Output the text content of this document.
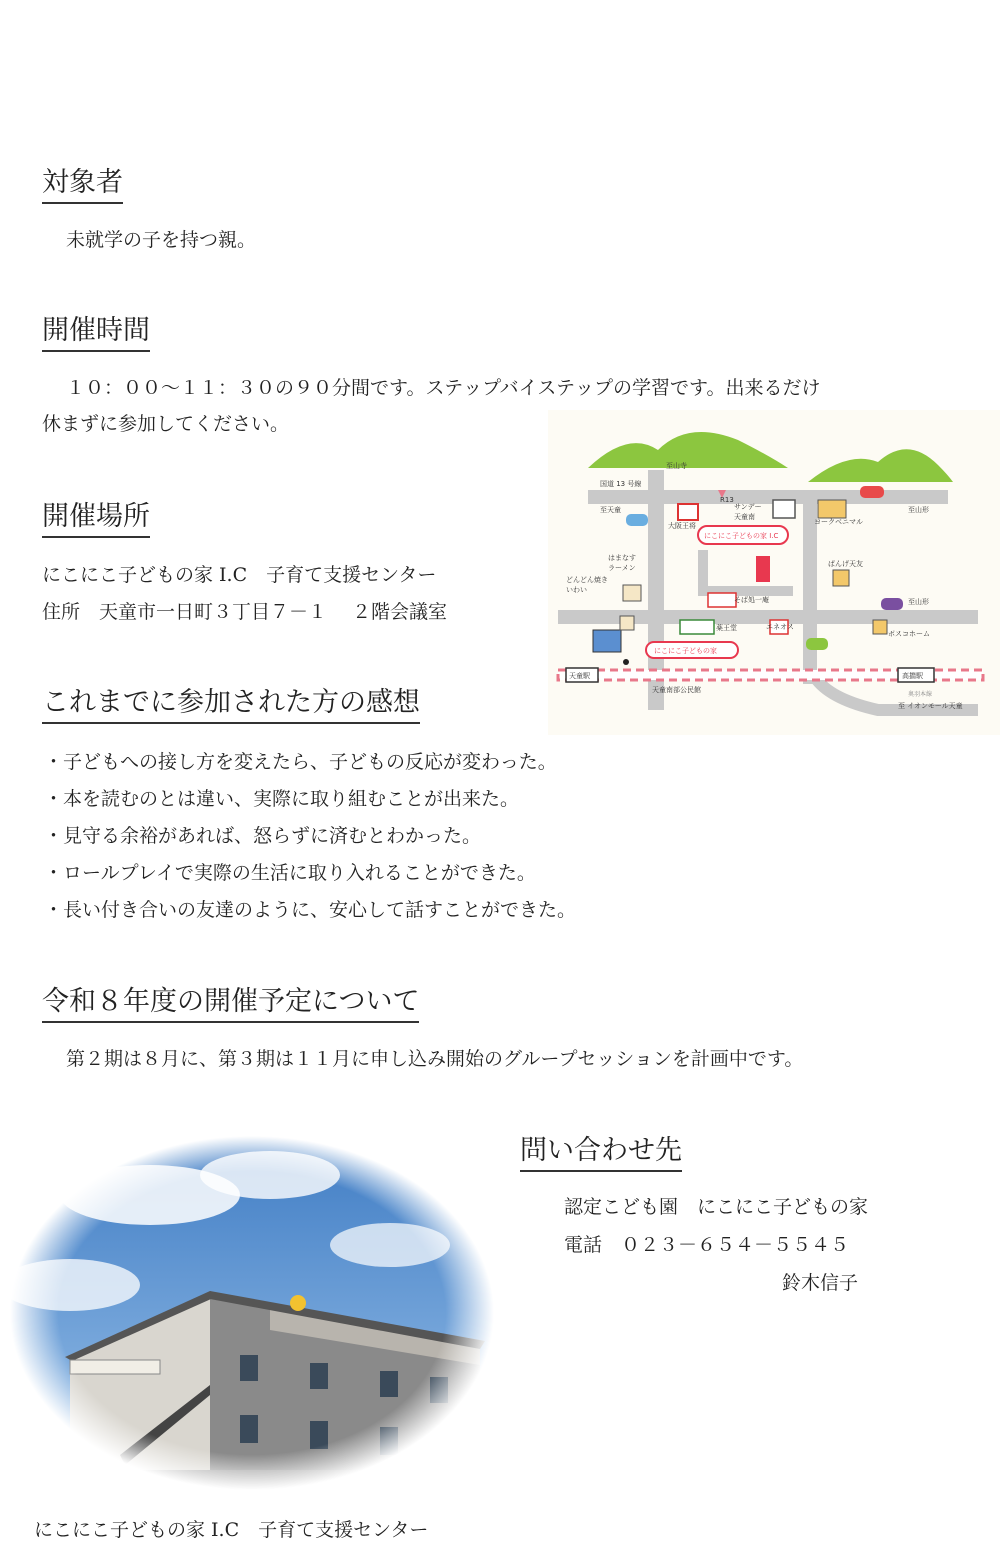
対象者
未就学の子を持つ親。
開催時間
１０：００～１１：３０の９０分間です。ステップバイステップの学習です。出来るだけ
休まずに参加してください。
開催場所
にこにこ子どもの家 I.C　子育て支援センター
住所　天童市一日町３丁目７－１　 ２階会議室
至山寺
国道 13 号線
至天童
R13
大阪王将
サンデー
天童南
ヨークベニマル
至山形
にこにこ子どもの家 I.C
はまなす
ラーメン
どんどん焼き
いわい
ぱんげ天友
そば処一庵	至山形
薬王堂	エネオス
ボスコホーム
にこにこ子どもの家
天童駅	高擶駅
天童南部公民館
奥羽本線
至 イオンモール天童
これまでに参加された方の感想
・子どもへの接し方を変えたら、子どもの反応が変わった。
・本を読むのとは違い、実際に取り組むことが出来た。
・見守る余裕があれば、怒らずに済むとわかった。
・ロールプレイで実際の生活に取り入れることができた。
・長い付き合いの友達のように、安心して話すことができた。
令和８年度の開催予定について
第２期は８月に、第３期は１１月に申し込み開始のグループセッションを計画中です。
問い合わせ先
認定こども園　にこにこ子どもの家
電話　０２３－６５４－５５４５
鈴木信子
にこにこ子どもの家 I.C　子育て支援センター
